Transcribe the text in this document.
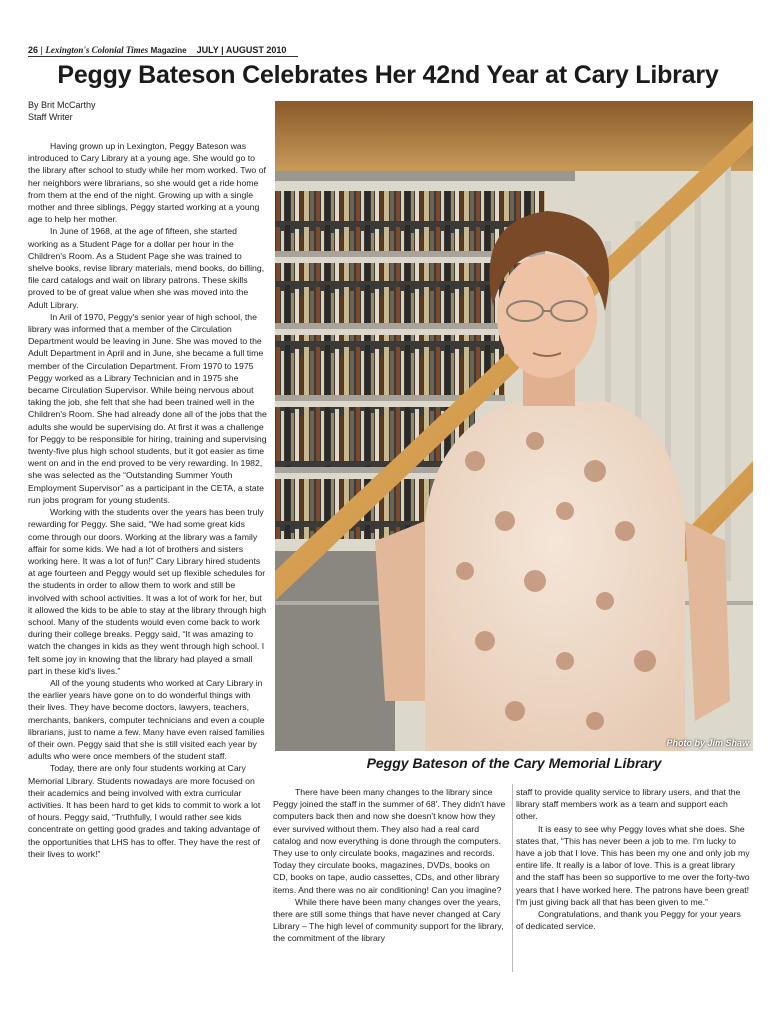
26 | Lexington's Colonial Times Magazine JULY | AUGUST 2010
Peggy Bateson Celebrates Her 42nd Year at Cary Library
By Brit McCarthy
Staff Writer

Having grown up in Lexington, Peggy Bateson was introduced to Cary Library at a young age. She would go to the library after school to study while her mom worked. Two of her neighbors were librarians, so she would get a ride home from them at the end of the night. Growing up with a single mother and three siblings, Peggy started working at a young age to help her mother.

In June of 1968, at the age of fifteen, she started working as a Student Page for a dollar per hour in the Children's Room. As a Student Page she was trained to shelve books, revise library materials, mend books, do billing, file card catalogs and wait on library patrons. These skills proved to be of great value when she was moved into the Adult Library.

In Aril of 1970, Peggy's senior year of high school, the library was informed that a member of the Circulation Department would be leaving in June. She was moved to the Adult Department in April and in June, she became a full time member of the Circulation Department. From 1970 to 1975 Peggy worked as a Library Technician and in 1975 she became Circulation Supervisor. While being nervous about taking the job, she felt that she had been trained well in the Children's Room. She had already done all of the jobs that the adults she would be supervising do. At first it was a challenge for Peggy to be responsible for hiring, training and supervising twenty-five plus high school students, but it got easier as time went on and in the end proved to be very rewarding. In 1982, she was selected as the “Outstanding Summer Youth Employment Supervisor” as a participant in the CETA, a state run jobs program for young students.

Working with the students over the years has been truly rewarding for Peggy. She said, “We had some great kids come through our doors. Working at the library was a family affair for some kids. We had a lot of brothers and sisters working here. It was a lot of fun!” Cary Library hired students at age fourteen and Peggy would set up flexible schedules for the students in order to allow them to work and still be involved with school activities. It was a lot of work for her, but it allowed the kids to be able to stay at the library through high school. Many of the students would even come back to work during their college breaks. Peggy said, “It was amazing to watch the changes in kids as they went through high school. I felt some joy in knowing that the library had played a small part in these kid's lives.”

All of the young students who worked at Cary Library in the earlier years have gone on to do wonderful things with their lives. They have become doctors, lawyers, teachers, merchants, bankers, computer technicians and even a couple librarians, just to name a few. Many have even raised families of their own. Peggy said that she is still visited each year by adults who were once members of the student staff.

Today, there are only four students working at Cary Memorial Library. Students nowadays are more focused on their academics and being involved with extra curricular activities. It has been hard to get kids to commit to work a lot of hours. Peggy said, “Truthfully, I would rather see kids concentrate on getting good grades and taking advantage of the opportunities that LHS has to offer. They have the rest of their lives to work!”

Photo by Jim Shaw
Peggy Bateson of the Cary Memorial Library

There have been many changes to the library since Peggy joined the staff in the summer of 68'. They didn't have computers back then and now she doesn't know how they ever survived without them. They also had a real card catalog and now everything is done through the computers. They use to only circulate books, magazines and records. Today they circulate books, magazines, DVDs, books on CD, books on tape, audio cassettes, CDs, and other library items. And there was no air conditioning! Can you imagine?

While there have been many changes over the years, there are still some things that have never changed at Cary Library – The high level of community support for the library, the commitment of the library

staff to provide quality service to library users, and that the library staff members work as a team and support each other.

It is easy to see why Peggy loves what she does. She states that, “This has never been a job to me. I'm lucky to have a job that I love. This has been my one and only job my entire life. It really is a labor of love. This is a great library and the staff has been so supportive to me over the forty-two years that I have worked here. The patrons have been great! I'm just giving back all that has been given to me.”

Congratulations, and thank you Peggy for your years of dedicated service.
